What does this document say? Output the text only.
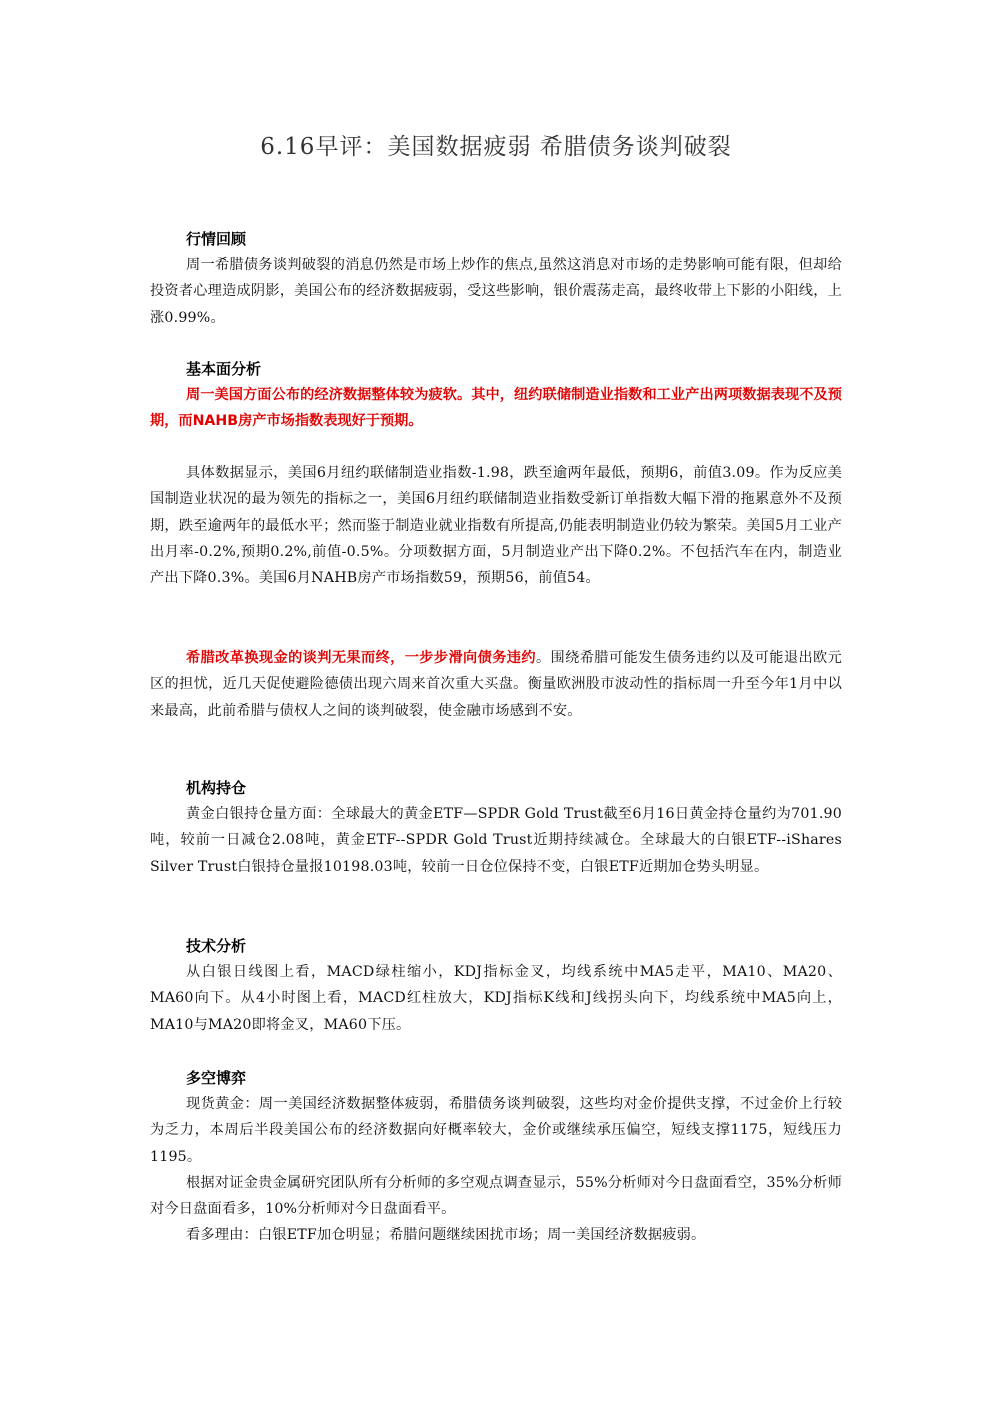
6.16早评：美国数据疲弱 希腊债务谈判破裂
行情回顾

周一希腊债务谈判破裂的消息仍然是市场上炒作的焦点,虽然这消息对市场的走势影响可能有限，但却给投资者心理造成阴影，美国公布的经济数据疲弱，受这些影响，银价震荡走高，最终收带上下影的小阳线，上涨0.99%。

基本面分析

周一美国方面公布的经济数据整体较为疲软。其中，纽约联储制造业指数和工业产出两项数据表现不及预期，而NAHB房产市场指数表现好于预期。

具体数据显示，美国6月纽约联储制造业指数-1.98，跌至逾两年最低，预期6，前值3.09。作为反应美国制造业状况的最为领先的指标之一，美国6月纽约联储制造业指数受新订单指数大幅下滑的拖累意外不及预期，跌至逾两年的最低水平；然而鉴于制造业就业指数有所提高,仍能表明制造业仍较为繁荣。美国5月工业产出月率-0.2%,预期0.2%,前值-0.5%。分项数据方面，5月制造业产出下降0.2%。不包括汽车在内，制造业产出下降0.3%。美国6月NAHB房产市场指数59，预期56，前值54。

希腊改革换现金的谈判无果而终，一步步滑向债务违约。围绕希腊可能发生债务违约以及可能退出欧元区的担忧，近几天促使避险德债出现六周来首次重大买盘。衡量欧洲股市波动性的指标周一升至今年1月中以来最高，此前希腊与债权人之间的谈判破裂，使金融市场感到不安。

机构持仓

黄金白银持仓量方面：全球最大的黄金ETF—SPDR Gold Trust截至6月16日黄金持仓量约为701.90吨，较前一日减仓2.08吨，黄金ETF--SPDR Gold Trust近期持续减仓。全球最大的白银ETF--iShares Silver Trust白银持仓量报10198.03吨，较前一日仓位保持不变，白银ETF近期加仓势头明显。

技术分析

从白银日线图上看，MACD绿柱缩小，KDJ指标金叉，均线系统中MA5走平，MA10、MA20、MA60向下。从4小时图上看，MACD红柱放大，KDJ指标K线和J线拐头向下，均线系统中MA5向上，MA10与MA20即将金叉，MA60下压。

多空博弈

现货黄金：周一美国经济数据整体疲弱，希腊债务谈判破裂，这些均对金价提供支撑，不过金价上行较为乏力，本周后半段美国公布的经济数据向好概率较大，金价或继续承压偏空，短线支撑1175，短线压力1195。

根据对证金贵金属研究团队所有分析师的多空观点调查显示，55%分析师对今日盘面看空，35%分析师对今日盘面看多，10%分析师对今日盘面看平。

看多理由：白银ETF加仓明显；希腊问题继续困扰市场；周一美国经济数据疲弱。
